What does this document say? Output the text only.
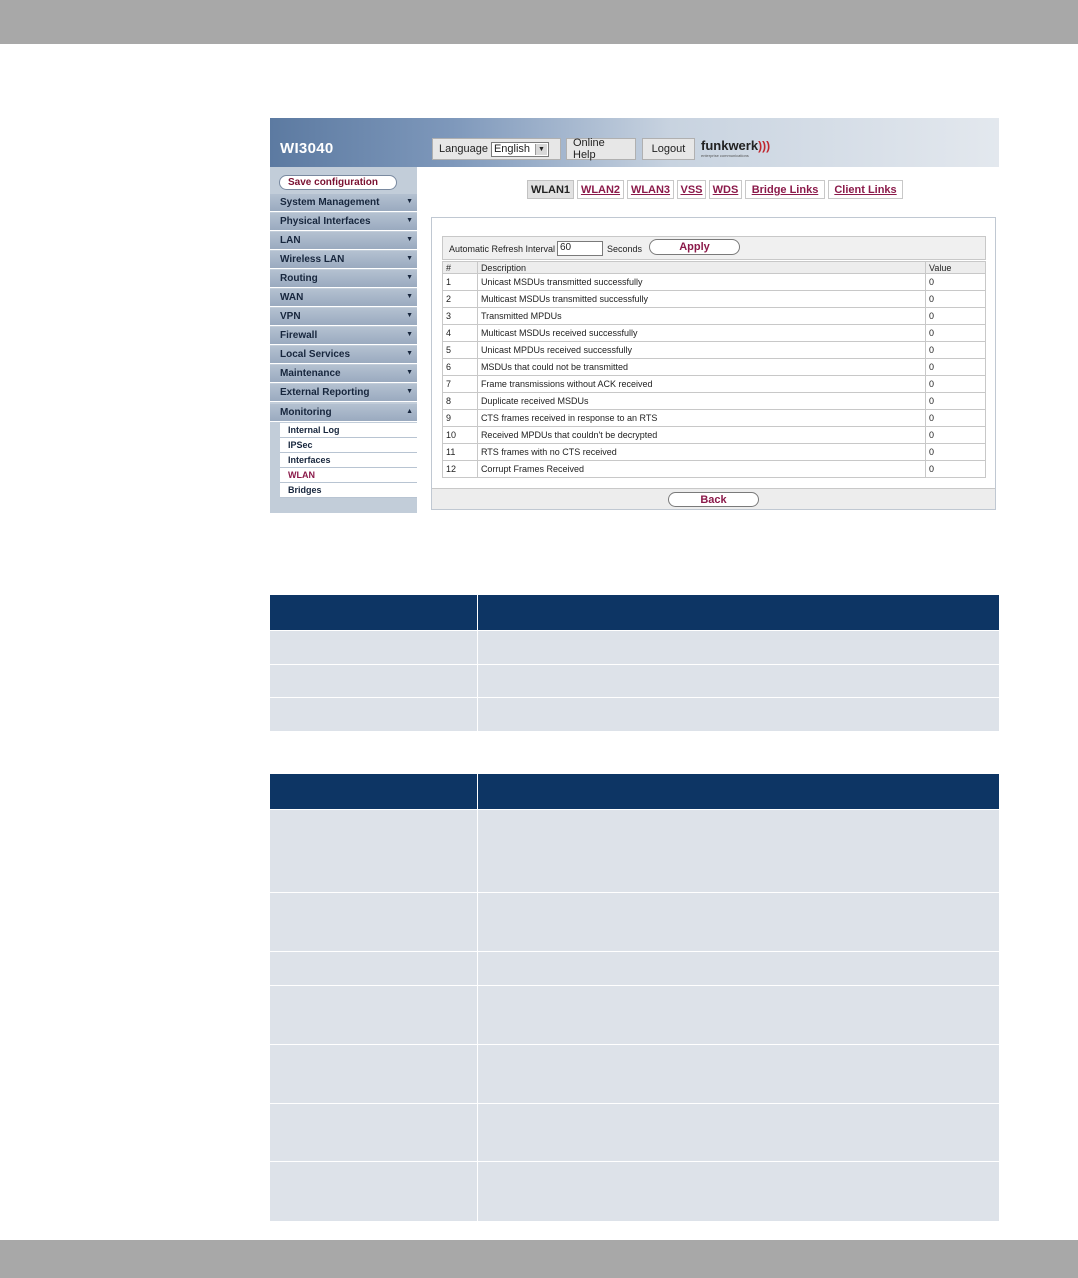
WI3040	Language English	▼	Online Help	Logout	funkwerk)))
enterprise communications
Save configuration
System Management	▼
Physical Interfaces	▼
LAN	▼
Wireless LAN	▼
Routing	▼
WAN	▼
VPN	▼
Firewall	▼
Local Services	▼
Maintenance	▼
External Reporting	▼
Monitoring	▲
Internal Log
IPSec
Interfaces
WLAN
Bridges
WLAN1 WLAN2 WLAN3 VSS WDS	Bridge Links	Client Links
Automatic Refresh Interval 60	Seconds	Apply
#	Description	Value
1	Unicast MSDUs transmitted successfully	0
2	Multicast MSDUs transmitted successfully	0
3	Transmitted MPDUs	0
4	Multicast MSDUs received successfully	0
5	Unicast MPDUs received successfully	0
6	MSDUs that could not be transmitted	0
7	Frame transmissions without ACK received	0
8	Duplicate received MSDUs	0
9	CTS frames received in response to an RTS	0
10	Received MPDUs that couldn't be decrypted	0
11	RTS frames with no CTS received	0
12	Corrupt Frames Received	0
Back
